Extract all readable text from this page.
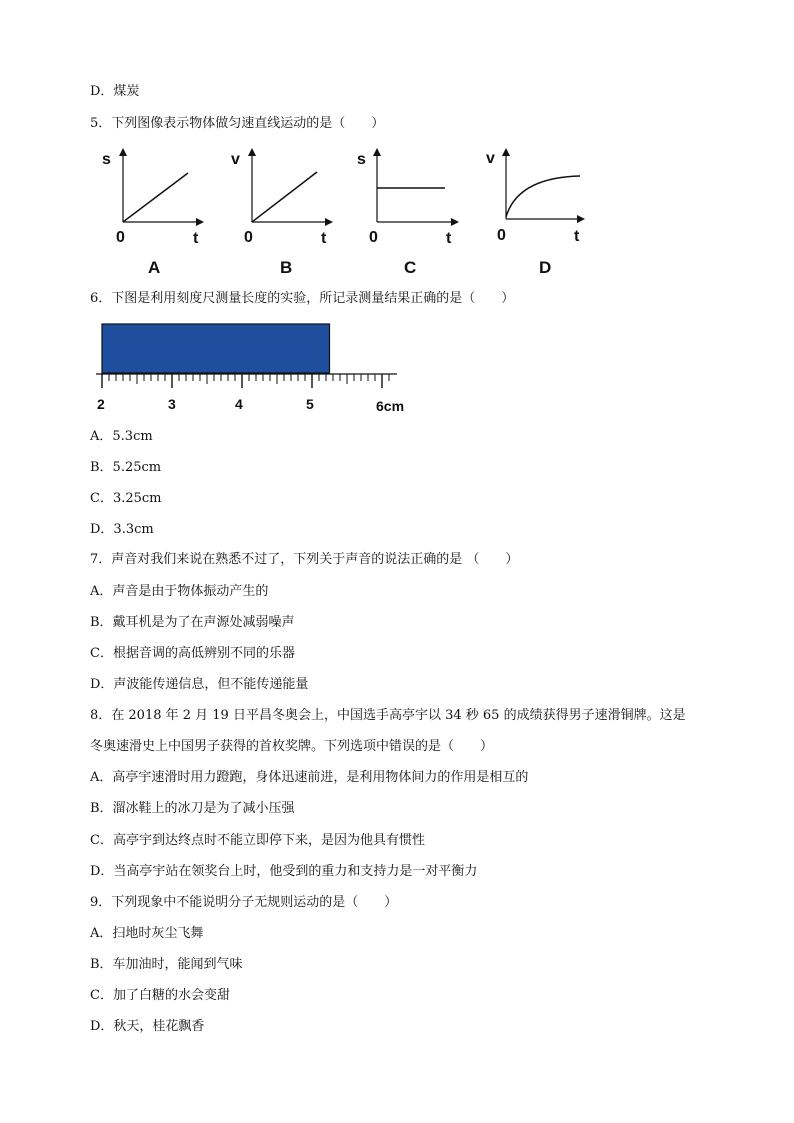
D．煤炭
5．下列图像表示物体做匀速直线运动的是（　　）
s
0	t
A
v
0	t
B
s
0	t
C
v
0	t
D
6．下图是利用刻度尺测量长度的实验，所记录测量结果正确的是（　　）
2	3	4	5	6cm
A．5.3cm
B．5.25cm
C．3.25cm
D．3.3cm
7．声音对我们来说在熟悉不过了，下列关于声音的说法正确的是 （　　）
A．声音是由于物体振动产生的
B．戴耳机是为了在声源处减弱噪声
C．根据音调的高低辨别不同的乐器
D．声波能传递信息，但不能传递能量
8．在 2018 年 2 月 19 日平昌冬奥会上，中国选手高亭宇以 34 秒 65 的成绩获得男子速滑铜牌。这是
冬奥速滑史上中国男子获得的首枚奖牌。下列选项中错误的是（　　）
A．高亭宇速滑时用力蹬跑，身体迅速前进，是利用物体间力的作用是相互的
B．溜冰鞋上的冰刀是为了减小压强
C．高亭宇到达终点时不能立即停下来，是因为他具有惯性
D．当高亭宇站在领奖台上时，他受到的重力和支持力是一对平衡力
9．下列现象中不能说明分子无规则运动的是（　　）
A．扫地时灰尘飞舞
B．车加油时，能闻到气味
C．加了白糖的水会变甜
D．秋天，桂花飘香
